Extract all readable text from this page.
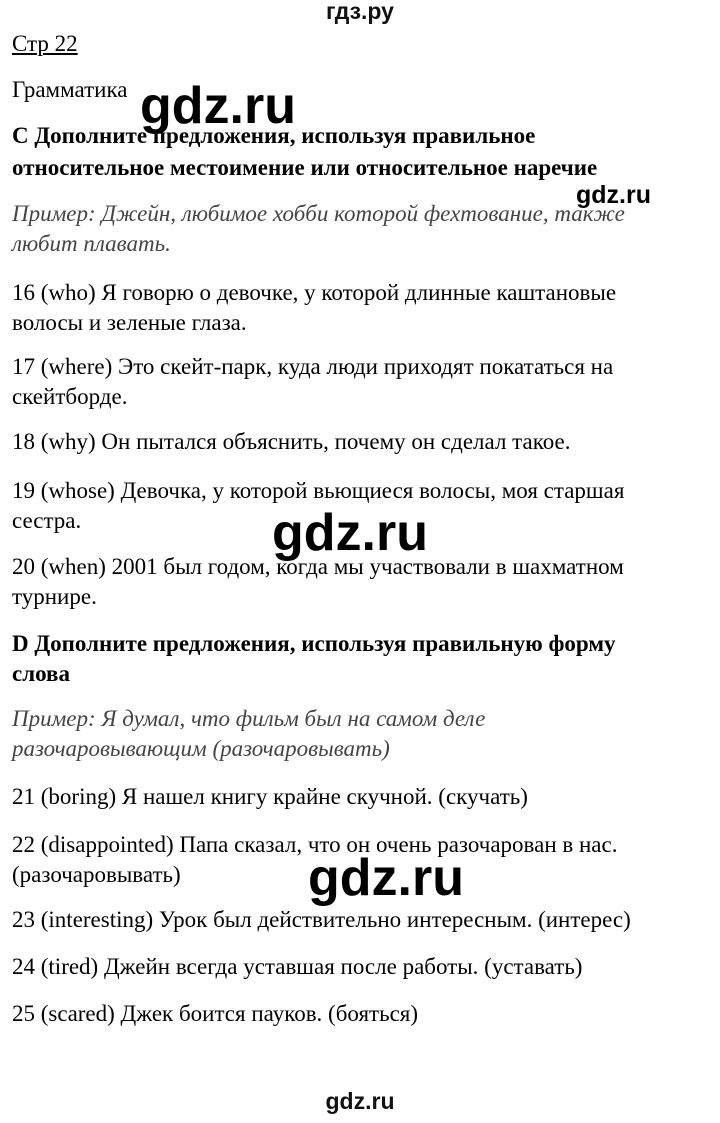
гдз.ру
Стр 22
Грамматика
C Дополните предложения, используя правильное
относительное местоимение или относительное наречие
Пример: Джейн, любимое хобби которой фехтование, также
любит плавать.
16 (who) Я говорю о девочке, у которой длинные каштановые
волосы и зеленые глаза.
17 (where) Это скейт-парк, куда люди приходят покататься на
скейтборде.
18 (why) Он пытался объяснить, почему он сделал такое.
19 (whose) Девочка, у которой вьющиеся волосы, моя старшая
сестра.
20 (when) 2001 был годом, когда мы участвовали в шахматном
турнире.
D Дополните предложения, используя правильную форму
слова
Пример: Я думал, что фильм был на самом деле
разочаровывающим (разочаровывать)
21 (boring) Я нашел книгу крайне скучной. (скучать)
22 (disappointed) Папа сказал, что он очень разочарован в нас.
(разочаровывать)
23 (interesting) Урок был действительно интересным. (интерес)
24 (tired) Джейн всегда уставшая после работы. (уставать)
25 (scared) Джек боится пауков. (бояться)
gdz.ru
gdz.ru
gdz.ru
gdz.ru
gdz.ru
